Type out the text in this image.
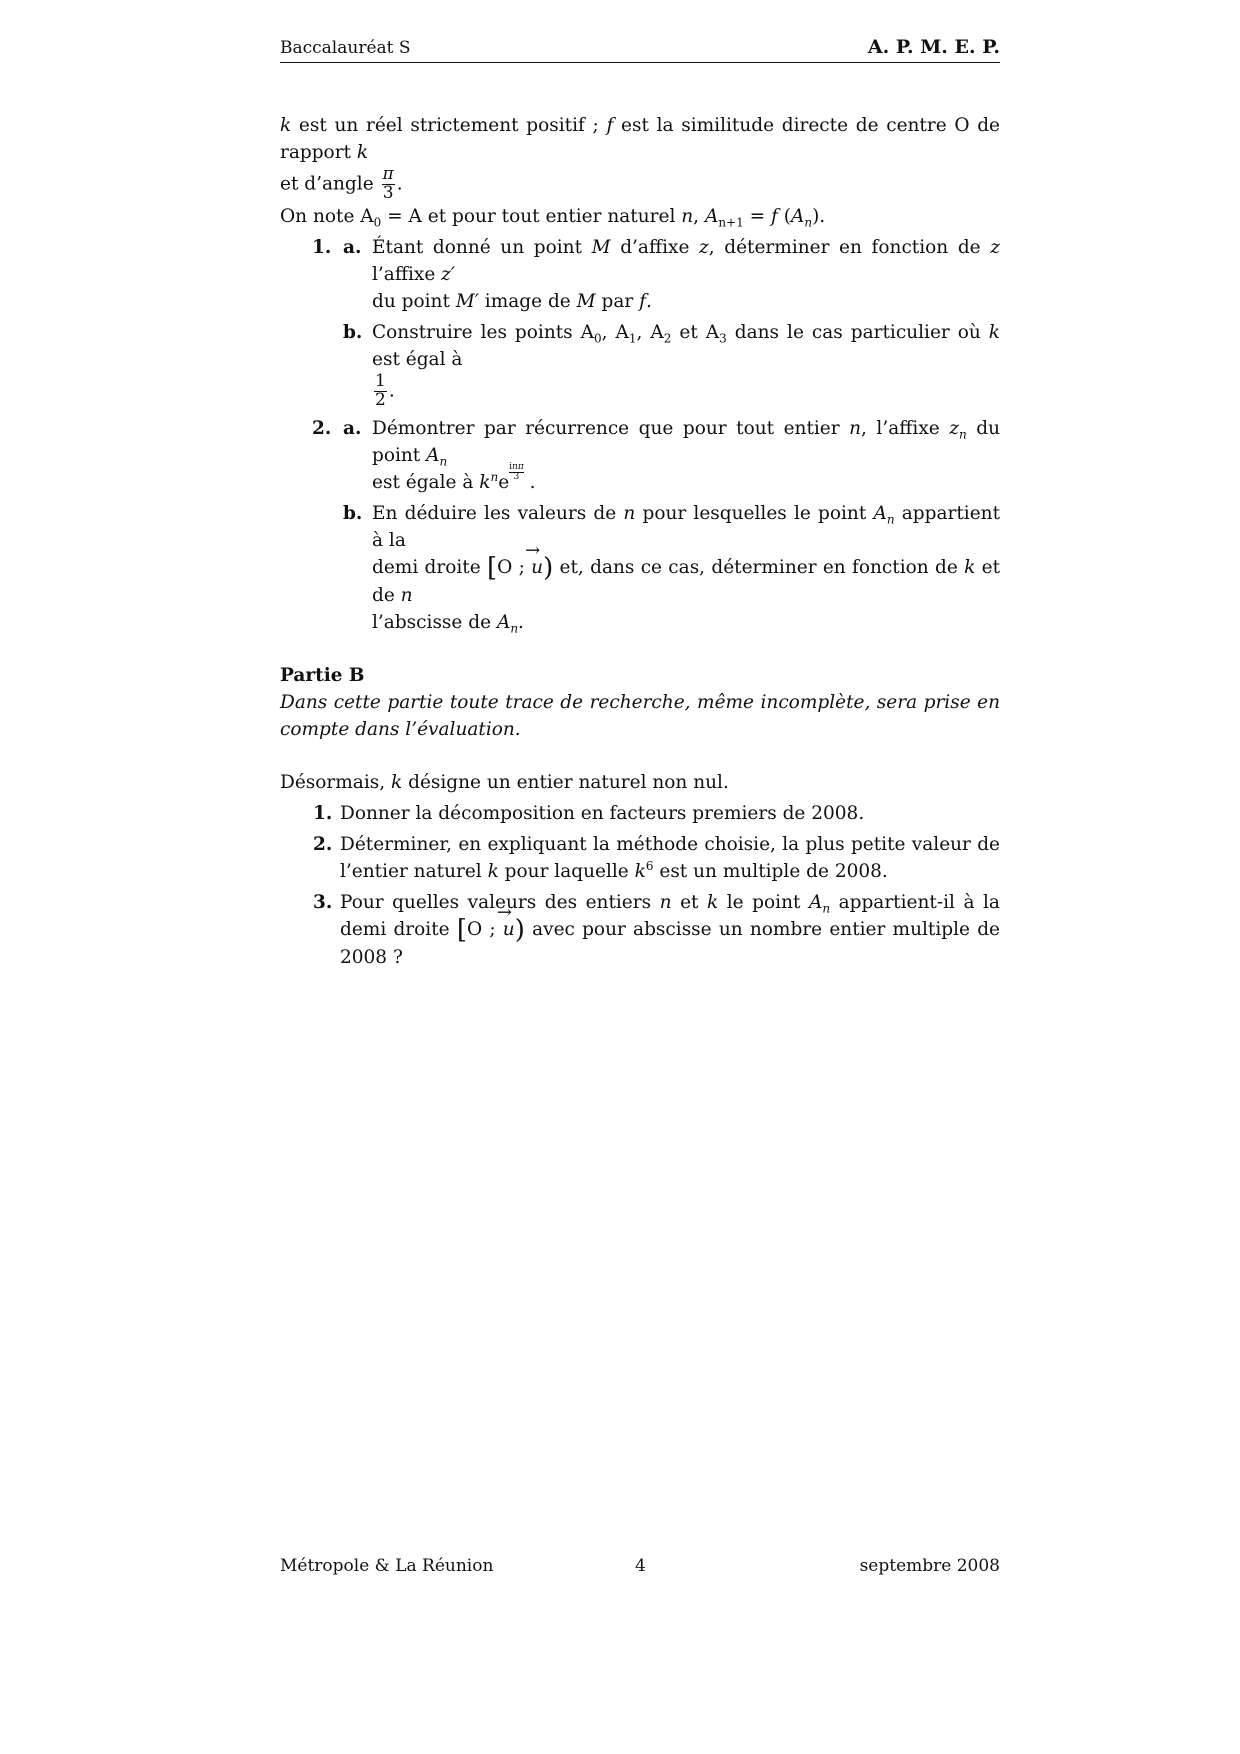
Baccalauréat S	A. P. M. E. P.
k est un réel strictement positif ; f est la similitude directe de centre O de rapport k
et d’angle $\frac{\pi}{3}$ .
On note $A_0 = A$ et pour tout entier naturel n, $A_{n+1} = f$ $(A_n)$.
1. a. Étant donné un point M d’affixe z, déterminer en fonction de z l’affixe z′
du point M′ image de M par f.
b. Construire les points $A_0$, $A_1$, $A_2$ et $A_3$ dans le cas particulier où k est égal à
$\frac{1}{2}$ .
2. a. Démontrer par récurrence que pour tout entier n, l’affixe $z_n$ du point $A_n$
est égale à $k^ne \frac{\text{inπ}}{3}$ .
b. En déduire les valeurs de n pour lesquelles le point $A_n$ appartient à la
demi droite [O ; → u) et, dans ce cas, déterminer en fonction de k et de n
l’abscisse de $A_n$.
Partie B
Dans cette partie toute trace de recherche, même incomplète, sera prise en compte dans l’évaluation.
Désormais, k désigne un entier naturel non nul.
1. Donner la décomposition en facteurs premiers de 2008.
2. Déterminer, en expliquant la méthode choisie, la plus petite valeur de l’entier naturel k pour laquelle $k^6$ est un multiple de 2008.
3. Pour quelles valeurs des entiers n et k le point $A_n$ appartient-il à la demi droite [O ; → u) avec pour abscisse un nombre entier multiple de 2008 ?
Métropole & La Réunion	4	septembre 2008
